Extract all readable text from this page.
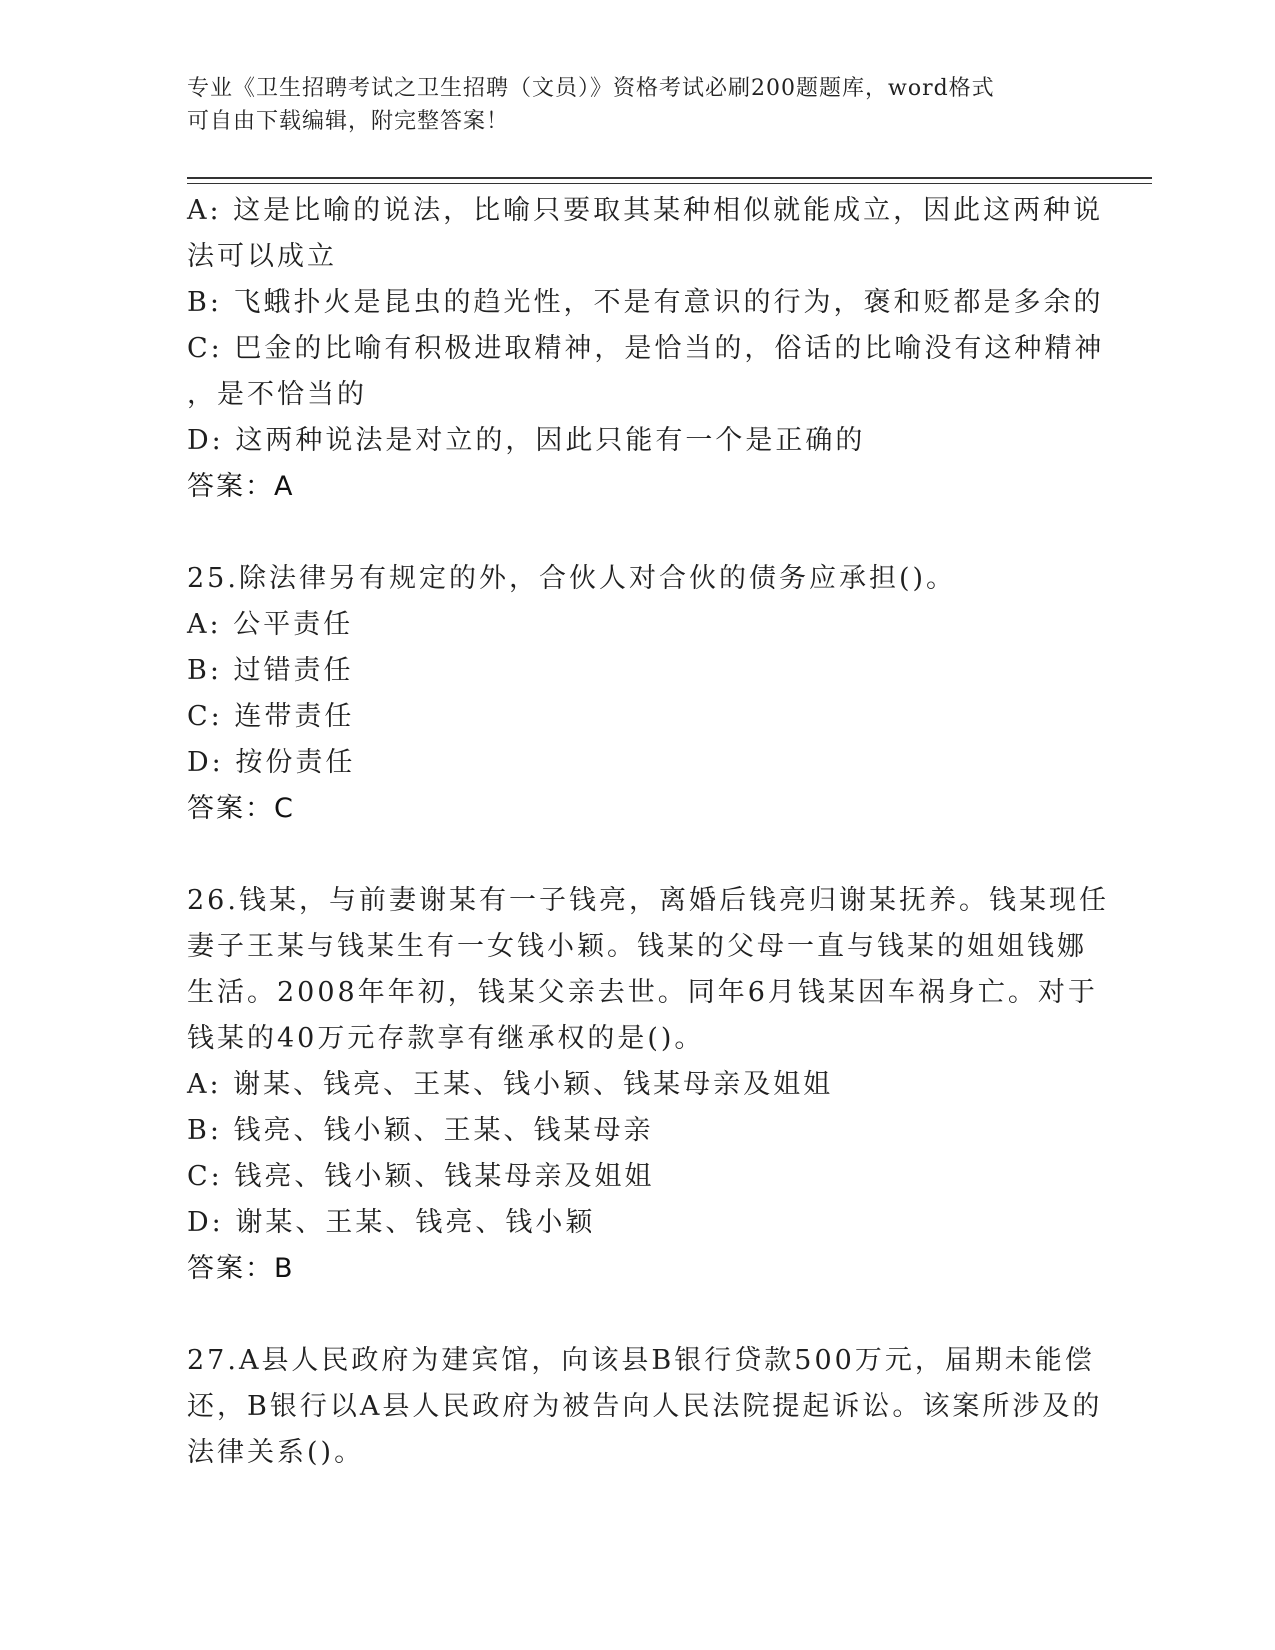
专业《卫生招聘考试之卫生招聘（文员）》资格考试必刷200题题库，word格式
可自由下载编辑，附完整答案！

A: 这是比喻的说法，比喻只要取其某种相似就能成立，因此这两种说

法可以成立

B: 飞蛾扑火是昆虫的趋光性，不是有意识的行为，褒和贬都是多余的

C: 巴金的比喻有积极进取精神，是恰当的，俗话的比喻没有这种精神

，是不恰当的

D: 这两种说法是对立的，因此只能有一个是正确的

答案：A

25.除法律另有规定的外，合伙人对合伙的债务应承担()。

A: 公平责任

B: 过错责任

C: 连带责任

D: 按份责任

答案：C

26.钱某，与前妻谢某有一子钱亮，离婚后钱亮归谢某抚养。钱某现任

妻子王某与钱某生有一女钱小颖。钱某的父母一直与钱某的姐姐钱娜

生活。2008年年初，钱某父亲去世。同年6月钱某因车祸身亡。对于

钱某的40万元存款享有继承权的是()。

A: 谢某、钱亮、王某、钱小颖、钱某母亲及姐姐

B: 钱亮、钱小颖、王某、钱某母亲

C: 钱亮、钱小颖、钱某母亲及姐姐

D: 谢某、王某、钱亮、钱小颖

答案：B

27.A县人民政府为建宾馆，向该县B银行贷款500万元，届期未能偿

还，B银行以A县人民政府为被告向人民法院提起诉讼。该案所涉及的

法律关系()。
